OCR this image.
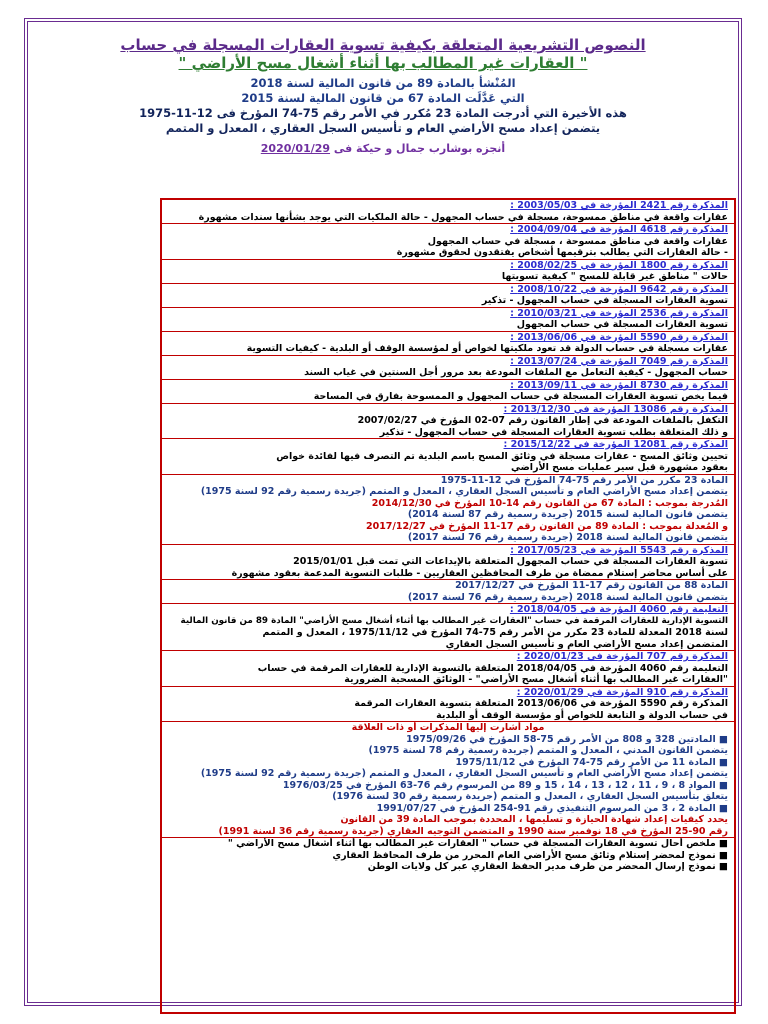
النصوص التشريعية المتعلقة بكيفية تسوية العقارات المسجلة في حساب
" العقارات غير المطالب بها أثناء أشغال مسح الأراضي "
المُنْشأ بالمادة 89 من قانون المالية لسنة 2018
التي عَدَّلَت المادة 67 من قانون المالية لسنة 2015
هذه الأخيرة التي أدرجت المادة 23 مُكرر في الأمر رقم 75-74 المؤرخ فى 12-11-1975
يتضمن إعداد مسح الأراضي العام و تأسيس السجل العقاري ، المعدل و المتمم
أنجزه بوشارب جمال و حيكة فى 2020/01/29
المذكرة رقم 2421 المؤرخة في 2003/05/03 :
عقارات واقعة في مناطق ممسوحة، مسجلة في حساب المجهول - حالة الملكيات التي يوجد بشأنها سندات مشهورة
المذكرة رقم 4618 المؤرخة في 2004/09/04 :
عقارات واقعة في مناطق ممسوحة ، مسجلة في حساب المجهول
- حالة العقارات التي يطالب بترقيمها أشخاص يفتقدون لحقوق مشهورة
المذكرة رقم 1800 المؤرخة في 2008/02/25 :
حالات " مناطق غير قابلة للمسح " كيفية تسويتها
المذكرة رقم 9642 المؤرخة في 2008/10/22 :
تسوية العقارات المسجلة في حساب المجهول - تذكير
المذكرة رقم 2536 المؤرخة في 2010/03/21 :
تسوية العقارات المسجلة في حساب المجهول
المذكرة رقم 5590 المؤرخة في 2013/06/06 :
عقارات مسجلة في حساب الدولة قد تعود ملكيتها لخواص أو لمؤسسة الوقف أو البلدية - كيفيات التسوية
المذكرة رقم 7049 المؤرخة في 2013/07/24 :
حساب المجهول - كيفية التعامل مع الملفات المودعة بعد مرور أجل السنتين في غياب السند
المذكرة رقم 8730 المؤرخة في 2013/09/11 :
فيما يخص تسوية العقارات المسجلة في حساب المجهول و الممسوحة بفارق في المساحة
المذكرة رقم 13086 المؤرخة في 2013/12/30 :
التكفل بالملفات المودعة في إطار القانون رقم 07-02 المؤرخ في 2007/02/27
و ذلك المتعلقة بطلب تسوية العقارات المسجلة في حساب المجهول - تذكير
المذكرة رقم 12081 المؤرخة في 2015/12/22 :
تحيين وثائق المسح - عقارات مسجلة في وثائق المسح باسم البلدية تم التصرف فيها لفائدة خواص
بعقود مشهورة قبل سير عمليات مسح الأراضي
المادة 23 مكرر من الأمر رقم 75-74 المؤرخ في 12-11-1975
يتضمن إعداد مسح الأراضي العام و تأسيس السجل العقاري ، المعدل و المتمم (جريدة رسمية رقم 92 لسنة 1975)
المُدرجة بموجب : المادة 67 من القانون رقم 14-10 المؤرخ في 2014/12/30
يتضمن قانون المالية لسنة 2015 (جريدة رسمية رقم 87 لسنة 2014)
و المُعدلة بموجب : المادة 89 من القانون رقم 17-11 المؤرخ في 2017/12/27
يتضمن قانون المالية لسنة 2018 (جريدة رسمية رقم 76 لسنة 2017)
المذكرة رقم 5543 المؤرخة في 2017/05/23 :
تسوية العقارات المسجلة في حساب المجهول المتعلقة بالإيداعات التي تمت قبل 2015/01/01
على أساس محاضر إستلام ممضاة من طرف المحافظين العقاريين - طلبات التسوية المدعمة بعقود مشهورة
المادة 88 من القانون رقم 17-11 المؤرخ في 2017/12/27
يتضمن قانون المالية لسنة 2018 (جريدة رسمية رقم 76 لسنة 2017)
التعليمة رقم 4060 المؤرخة في 2018/04/05 :
التسوية الإدارية للعقارات المرقمة في حساب "العقارات غير المطالب بها أثناء أشغال مسح الأراضي" المادة 89 من قانون المالية
لسنة 2018 المعدلة للمادة 23 مكرر من الأمر رقم 75-74 المؤرخ في 1975/11/12 ، المعدل و المتمم
المتضمن إعداد مسح الأراضي العام و تأسيس السجل العقاري
المذكرة رقم 707 المؤرخة في 2020/01/23 :
التعليمة رقم 4060 المؤرخة في 2018/04/05 المتعلقة بالتسوية الإدارية للعقارات المرقمة في حساب
"العقارات غير المطالب بها أثناء أشغال مسح الأراضي" - الوثائق المسحية الضرورية
المذكرة رقم 910 المؤرخة في 2020/01/29 :
المذكرة رقم 5590 المؤرخة في 2013/06/06 المتعلقة بتسوية العقارات المرقمة
في حساب الدولة و التابعة للخواص أو مؤسسة الوقف أو البلدية
مواد أشارت إليها المذكرات أو ذات العلاقة
■ المادتين 328 و 808 من الأمر رقم 75-58 المؤرخ في 1975/09/26
يتضمن القانون المدني ، المعدل و المتمم (جريدة رسمية رقم 78 لسنة 1975)
■ المادة 11 من الأمر رقم 75-74 المؤرخ في 1975/11/12
يتضمن إعداد مسح الأراضي العام و تأسيس السجل العقاري ، المعدل و المتمم (جريدة رسمية رقم 92 لسنة 1975)
■ المواد 8 ، 9 ، 11 ، 12 ، 13 ، 14 ، 15 و 89 من المرسوم رقم 76-63 المؤرخ في 1976/03/25
يتعلق بتأسيس السجل العقاري ، المعدل و المتمم (جريدة رسمية رقم 30 لسنة 1976)
■ المادة 2 ، 3 من المرسوم التنفيذي رقم 91-254 المؤرخ في 1991/07/27
يحدد كيفيات إعداد شهادة الحيازة و تسليمها ، المحددة بموجب المادة 39 من القانون
رقم 90-25 المؤرخ في 18 نوفمبر سنة 1990 و المتضمن التوجيه العقاري (جريدة رسمية رقم 36 لسنة 1991)
■ ملخص أحال تسوية العقارات المسجلة في حساب " العقارات غير المطالب بها أثناء أشغال مسح الأراضي "
■ نموذج لمحضر إستلام وثائق مسح الأراضي العام المحرر من طرف المحافظ العقاري
■ نموذج إرسال المحضر من طرف مدير الحفظ العقاري عبر كل ولايات الوطن
